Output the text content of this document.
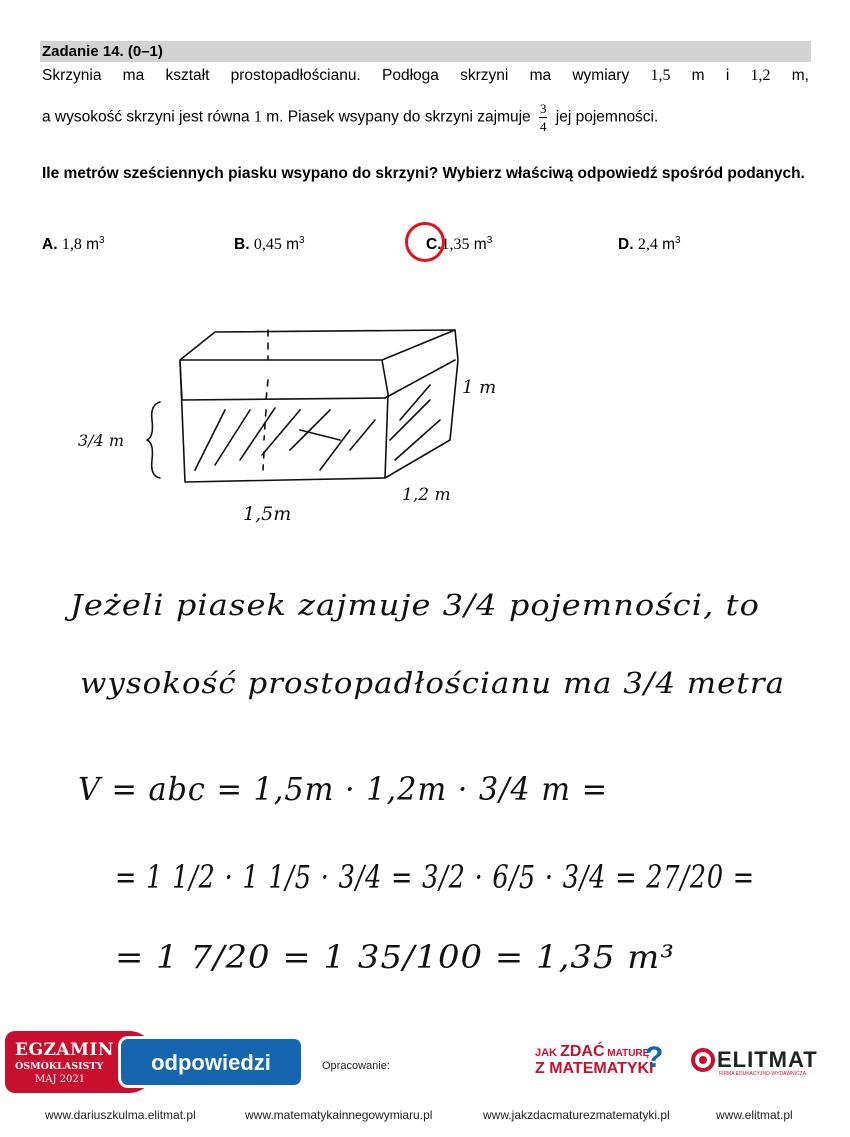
Zadanie 14. (0–1)
Skrzynia ma kształt prostopadłościanu. Podłoga skrzyni ma wymiary 1,5 m i 1,2 m,
a wysokość skrzyni jest równa 1 m. Piasek wsypany do skrzyni zajmuje $\frac{3}{4}$ jej pojemności.
Ile metrów sześciennych piasku wsypano do skrzyni? Wybierz właściwą odpowiedź spośród podanych.
A. 1,8 $m^3$	B. 0,45 $m^3$	C.1,35 $m^3$	D. 2,4 $m^3$
1 m
3/4 m
1,5m
1,2 m
Jeżeli piasek zajmuje 3/4 pojemności, to
wysokość prostopadłościanu ma 3/4 metra
V = abc = 1,5m · 1,2m · 3/4 m =
= 1 1/2 · 1 1/5 · 3/4 = 3/2 · 6/5 · 3/4 = 27/20 =
= 1 7/20 = 1 35/100 = 1,35 m³
EGZAMIN
ÓSMOKLASISTY
MAJ 2021
odpowiedzi	Opracowanie:
JAK ZDAĆ MATURĘ
Z MATEMATYKI
? ELITMAT
FIRMA EDUKACYJNO-WYDAWNICZA
www.dariuszkulma.elitmat.pl	www.matematykainnegowymiaru.pl	www.jakzdacmaturezmatematyki.pl	www.elitmat.pl
